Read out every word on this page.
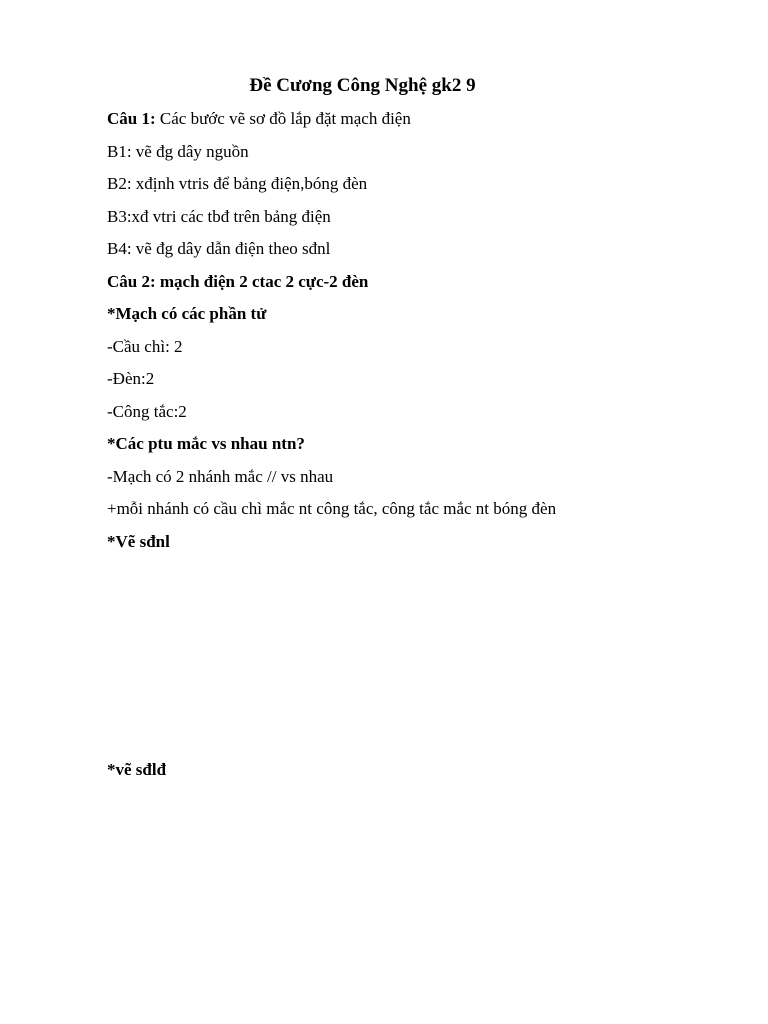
Đề Cương Công Nghệ gk2 9
Câu 1: Các bước vẽ sơ đồ lắp đặt mạch điện
B1: vẽ đg dây nguồn
B2: xđịnh vtris để bảng điện,bóng đèn
B3:xđ vtri các tbđ trên bảng điện
B4: vẽ đg dây dẫn điện theo sđnl
Câu 2: mạch điện 2 ctac 2 cực-2 đèn
*Mạch có các phần tử
-Cầu chì: 2
-Đèn:2
-Công tắc:2
*Các ptu mắc vs nhau ntn?
-Mạch có 2 nhánh mắc // vs nhau
+mỗi nhánh có cầu chì mắc nt công tắc, công tắc mắc nt bóng đèn
*Vẽ sđnl
*vẽ sđlđ
